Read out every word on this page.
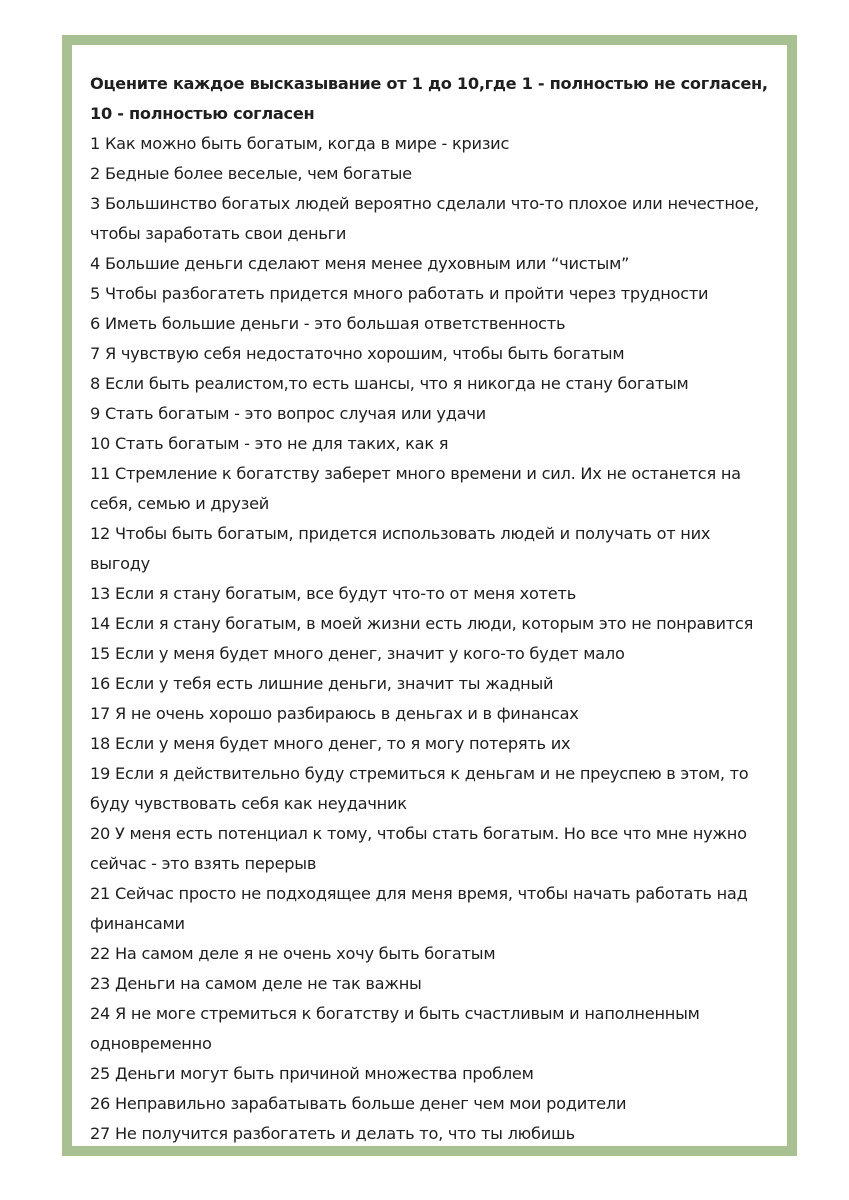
Оцените каждое высказывание от 1 до 10,где 1 - полностью не согласен, 10 - полностью согласен

1 Как можно быть богатым, когда в мире - кризис

2 Бедные более веселые, чем богатые

3 Большинство богатых людей вероятно сделали что-то плохое или нечестное, чтобы заработать свои деньги

4 Большие деньги сделают меня менее духовным или “чистым”

5 Чтобы разбогатеть придется много работать и пройти через трудности

6 Иметь большие деньги - это большая ответственность

7 Я чувствую себя недостаточно хорошим, чтобы быть богатым

8 Если быть реалистом,то есть шансы, что я никогда не стану богатым

9 Стать богатым - это вопрос случая или удачи

10 Стать богатым - это не для таких, как я

11 Стремление к богатству заберет много времени и сил. Их не останется на себя, семью и друзей

12 Чтобы быть богатым, придется использовать людей и получать от них выгоду

13 Если я стану богатым, все будут что-то от меня хотеть

14 Если я стану богатым, в моей жизни есть люди, которым это не понравится

15 Если у меня будет много денег, значит у кого-то будет мало

16 Если у тебя есть лишние деньги, значит ты жадный

17 Я не очень хорошо разбираюсь в деньгах и в финансах

18 Если у меня будет много денег, то я могу потерять их

19 Если я действительно буду стремиться к деньгам и не преуспею в этом, то буду чувствовать себя как неудачник

20 У меня есть потенциал к тому, чтобы стать богатым. Но все что мне нужно сейчас - это взять перерыв

21 Сейчас просто не подходящее для меня время, чтобы начать работать над финансами

22 На самом деле я не очень хочу быть богатым

23 Деньги на самом деле не так важны

24 Я не моге стремиться к богатству и быть счастливым и наполненным одновременно

25 Деньги могут быть причиной множества проблем

26 Неправильно зарабатывать больше денег чем мои родители

27 Не получится разбогатеть и делать то, что ты любишь
